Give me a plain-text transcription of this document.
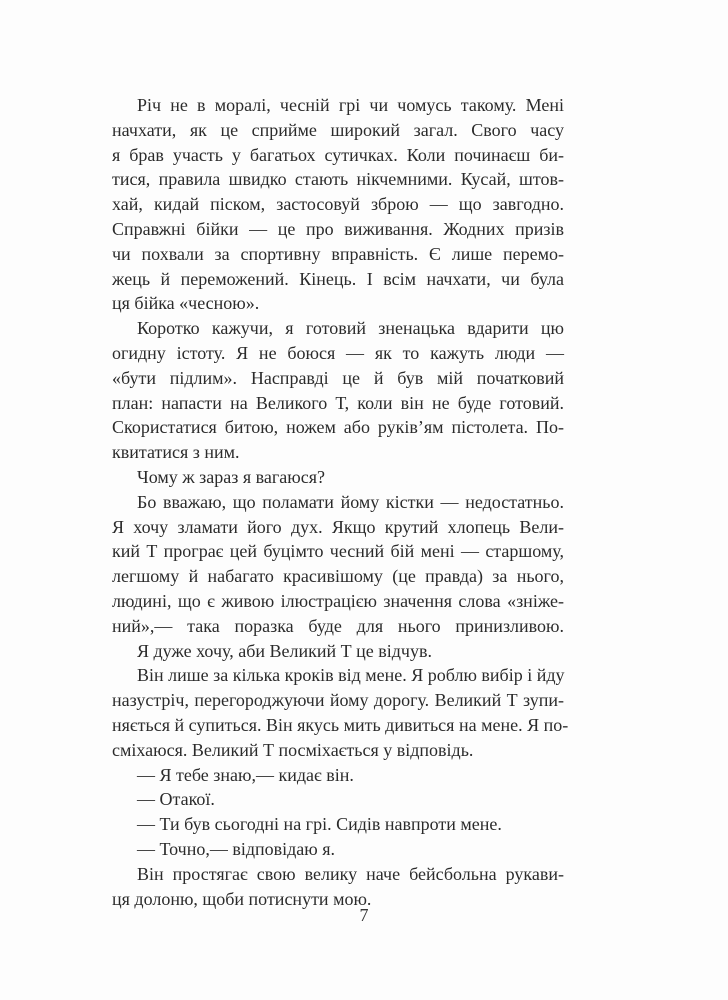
Річ не в моралі, чесній грі чи чомусь такому. Мені
начхати, як це сприйме широкий загал. Свого часу
я брав участь у багатьох сутичках. Коли починаєш би-
тися, правила швидко стають нікчемними. Кусай, штов-
хай, кидай піском, застосовуй зброю — що завгодно.
Справжні бійки — це про виживання. Жодних призів
чи похвали за спортивну вправність. Є лише перемо-
жець й переможений. Кінець. І всім начхати, чи була
ця бійка «чесною».
Коротко кажучи, я готовий зненацька вдарити цю
огидну істоту. Я не боюся — як то кажуть люди —
«бути підлим». Насправді це й був мій початковий
план: напасти на Великого Т, коли він не буде готовий.
Скористатися битою, ножем або руків’ям пістолета. По-
квитатися з ним.
Чому ж зараз я вагаюся?
Бо вважаю, що поламати йому кістки — недостатньо.
Я хочу зламати його дух. Якщо крутий хлопець Вели-
кий Т програє цей буцімто чесний бій мені — старшому,
легшому й набагато красивішому (це правда) за нього,
людині, що є живою ілюстрацією значення слова «зніже-
ний»,— така поразка буде для нього принизливою.
Я дуже хочу, аби Великий Т це відчув.
Він лише за кілька кроків від мене. Я роблю вибір і йду
назустріч, перегороджуючи йому дорогу. Великий Т зупи-
няється й супиться. Він якусь мить дивиться на мене. Я по-
сміхаюся. Великий Т посміхається у відповідь.
— Я тебе знаю,— кидає він.
— Отакої.
— Ти був сьогодні на грі. Сидів навпроти мене.
— Точно,— відповідаю я.
Він простягає свою велику наче бейсбольна рукави-
ця долоню, щоби потиснути мою.
7
